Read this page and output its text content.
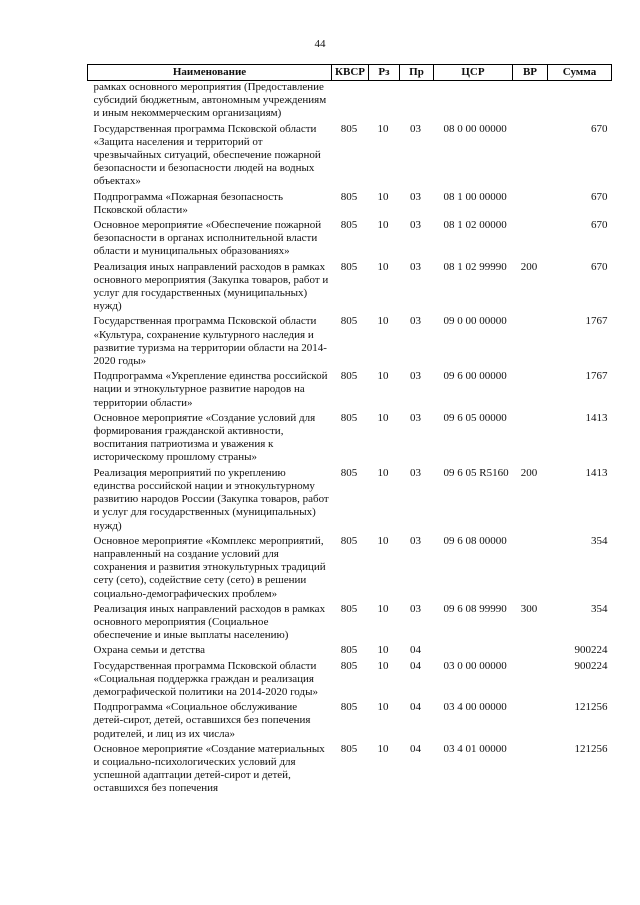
44
Наименование	КВСР	Рз	Пр	ЦСР	ВР	Сумма
рамках основного мероприятия (Предоставление субсидий бюджетным, автономным учреждениям и иным некоммерческим организациям)						
Государственная программа Псковской области «Защита населения и территорий от чрезвычайных ситуаций, обеспечение пожарной безопасности и безопасности людей на водных объектах»	805	10	03	08 0 00 00000		670
Подпрограмма «Пожарная безопасность Псковской области»	805	10	03	08 1 00 00000		670
Основное мероприятие «Обеспечение пожарной безопасности в органах исполнительной власти области и муниципальных образованиях»	805	10	03	08 1 02 00000		670
Реализация иных направлений расходов в рамках основного мероприятия (Закупка товаров, работ и услуг для государственных (муниципальных) нужд)	805	10	03	08 1 02 99990	200	670
Государственная программа Псковской области «Культура, сохранение культурного наследия и развитие туризма на территории области на 2014-2020 годы»	805	10	03	09 0 00 00000		1767
Подпрограмма «Укрепление единства российской нации и этнокультурное развитие народов на территории области»	805	10	03	09 6 00 00000		1767
Основное мероприятие «Создание условий для формирования гражданской активности, воспитания патриотизма и уважения к историческому прошлому страны»	805	10	03	09 6 05 00000		1413
Реализация мероприятий по укреплению единства российской нации и этнокультурному развитию народов России (Закупка товаров, работ и услуг для государственных (муниципальных) нужд)	805	10	03	09 6 05 R5160	200	1413
Основное мероприятие «Комплекс мероприятий, направленный на создание условий для сохранения и развития этнокультурных традиций сету (сето), содействие сету (сето) в решении социально-демографических проблем»	805	10	03	09 6 08 00000		354
Реализация иных направлений расходов в рамках основного мероприятия (Социальное обеспечение и иные выплаты населению)	805	10	03	09 6 08 99990	300	354
Охрана семьи и детства	805	10	04			900224
Государственная программа Псковской области «Социальная поддержка граждан и реализация демографической политики на 2014-2020 годы»	805	10	04	03 0 00 00000		900224
Подпрограмма «Социальное обслуживание детей-сирот, детей, оставшихся без попечения родителей, и лиц из их числа»	805	10	04	03 4 00 00000		121256
Основное мероприятие «Создание материальных и социально-психологических условий для успешной адаптации детей-сирот и детей, оставшихся без попечения	805	10	04	03 4 01 00000		121256
